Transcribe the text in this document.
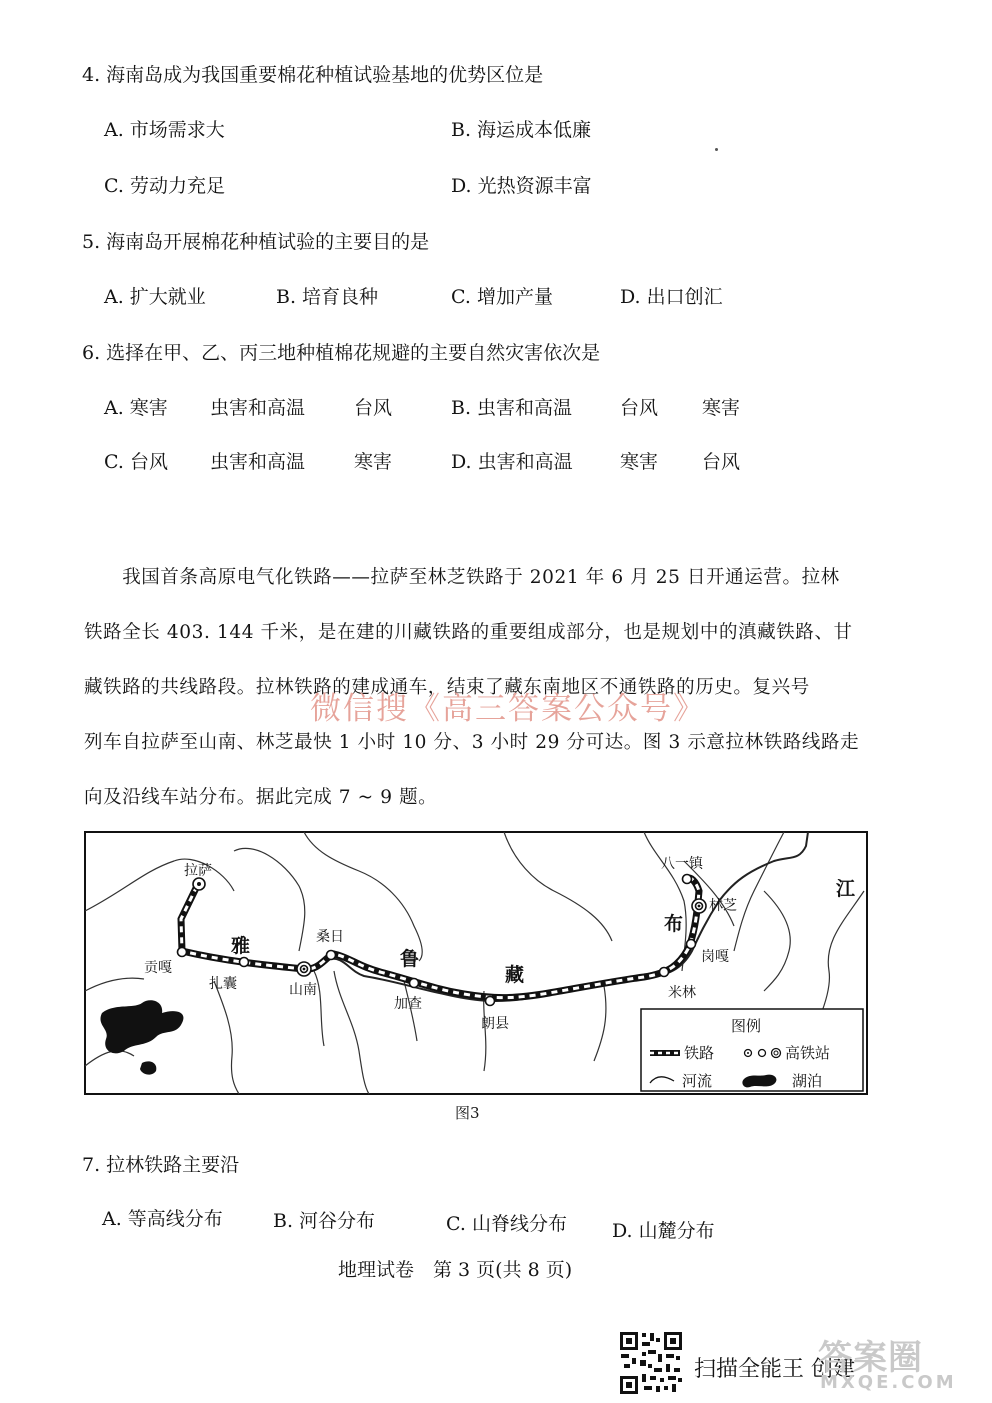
4. 海南岛成为我国重要棉花种植试验基地的优势区位是
A. 市场需求大	B. 海运成本低廉
C. 劳动力充足	D. 光热资源丰富
5. 海南岛开展棉花种植试验的主要目的是
A. 扩大就业	B. 培育良种	C. 增加产量	D. 出口创汇
6. 选择在甲、乙、丙三地种植棉花规避的主要自然灾害依次是
A. 寒害 虫害和高温	台风	B. 虫害和高温	台风 寒害
C. 台风 虫害和高温	寒害	D. 虫害和高温 寒害 台风
　　我国首条高原电气化铁路——拉萨至林芝铁路于 2021 年 6 月 25 日开通运营。拉林
铁路全长 403. 144 千米，是在建的川藏铁路的重要组成部分，也是规划中的滇藏铁路、甘
藏铁路的共线路段。拉林铁路的建成通车，结束了藏东南地区不通铁路的历史。复兴号
列车自拉萨至山南、林芝最快 1 小时 10 分、3 小时 29 分可达。图 3 示意拉林铁路线路走
向及沿线车站分布。据此完成 7 ~ 9 题。
微信搜《高三答案公众号》
拉萨
贡嘎
扎囊	山南
桑日
加查
朗县
米林
岗嘎
林芝
八一镇
雅
鲁
藏
布
江
图例
铁路	高铁站
河流	湖泊
图3
7. 拉林铁路主要沿
A. 等高线分布	B. 河谷分布	C. 山脊线分布 D. 山麓分布
地理试卷　第 3 页(共 8 页)
扫描全能王 创建
答案圈
MXQE.COM
